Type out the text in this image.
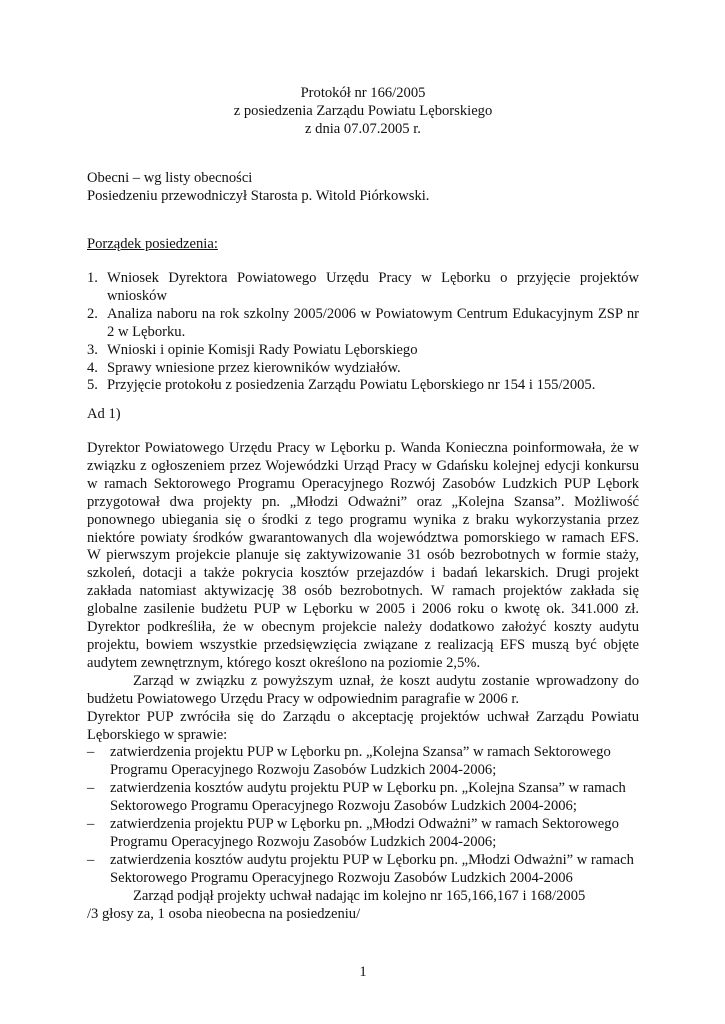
Protokół nr 166/2005
z posiedzenia Zarządu Powiatu Lęborskiego
z dnia 07.07.2005 r.
Obecni – wg listy obecności
Posiedzeniu przewodniczył Starosta p. Witold Piórkowski.
Porządek posiedzenia:
1. Wniosek Dyrektora Powiatowego Urzędu Pracy w Lęborku o przyjęcie projektów wniosków
2. Analiza naboru na rok szkolny 2005/2006 w Powiatowym Centrum Edukacyjnym ZSP nr 2 w Lęborku.
3. Wnioski i opinie Komisji Rady Powiatu Lęborskiego
4. Sprawy wniesione przez kierowników wydziałów.
5. Przyjęcie protokołu z posiedzenia Zarządu Powiatu Lęborskiego nr 154 i 155/2005.
Ad 1)

Dyrektor Powiatowego Urzędu Pracy w Lęborku p. Wanda Konieczna poinformowała, że w związku z ogłoszeniem przez Wojewódzki Urząd Pracy w Gdańsku kolejnej edycji konkursu w ramach Sektorowego Programu Operacyjnego Rozwój Zasobów Ludzkich PUP Lębork przygotował dwa projekty pn. „Młodzi Odważni” oraz „Kolejna Szansa”. Możliwość ponownego ubiegania się o środki z tego programu wynika z braku wykorzystania przez niektóre powiaty środków gwarantowanych dla województwa pomorskiego w ramach EFS. W pierwszym projekcie planuje się zaktywizowanie 31 osób bezrobotnych w formie staży, szkoleń, dotacji a także pokrycia kosztów przejazdów i badań lekarskich. Drugi projekt zakłada natomiast aktywizację 38 osób bezrobotnych. W ramach projektów zakłada się globalne zasilenie budżetu PUP w Lęborku w 2005 i 2006 roku o kwotę ok. 341.000 zł. Dyrektor podkreśliła, że w obecnym projekcie należy dodatkowo założyć koszty audytu projektu, bowiem wszystkie przedsięwzięcia związane z realizacją EFS muszą być objęte audytem zewnętrznym, którego koszt określono na poziomie 2,5%.

Zarząd w związku z powyższym uznał, że koszt audytu zostanie wprowadzony do budżetu Powiatowego Urzędu Pracy w odpowiednim paragrafie w 2006 r.

Dyrektor PUP zwróciła się do Zarządu o akceptację projektów uchwał Zarządu Powiatu Lęborskiego w sprawie:

– zatwierdzenia projektu PUP w Lęborku pn. „Kolejna Szansa” w ramach Sektorowego Programu Operacyjnego Rozwoju Zasobów Ludzkich 2004-2006;
– zatwierdzenia kosztów audytu projektu PUP w Lęborku pn. „Kolejna Szansa” w ramach Sektorowego Programu Operacyjnego Rozwoju Zasobów Ludzkich 2004-2006;
– zatwierdzenia projektu PUP w Lęborku pn. „Młodzi Odważni” w ramach Sektorowego Programu Operacyjnego Rozwoju Zasobów Ludzkich 2004-2006;
– zatwierdzenia kosztów audytu projektu PUP w Lęborku pn. „Młodzi Odważni” w ramach Sektorowego Programu Operacyjnego Rozwoju Zasobów Ludzkich 2004-2006

Zarząd podjął projekty uchwał nadając im kolejno nr 165,166,167 i 168/2005

/3 głosy za, 1 osoba nieobecna na posiedzeniu/

1
